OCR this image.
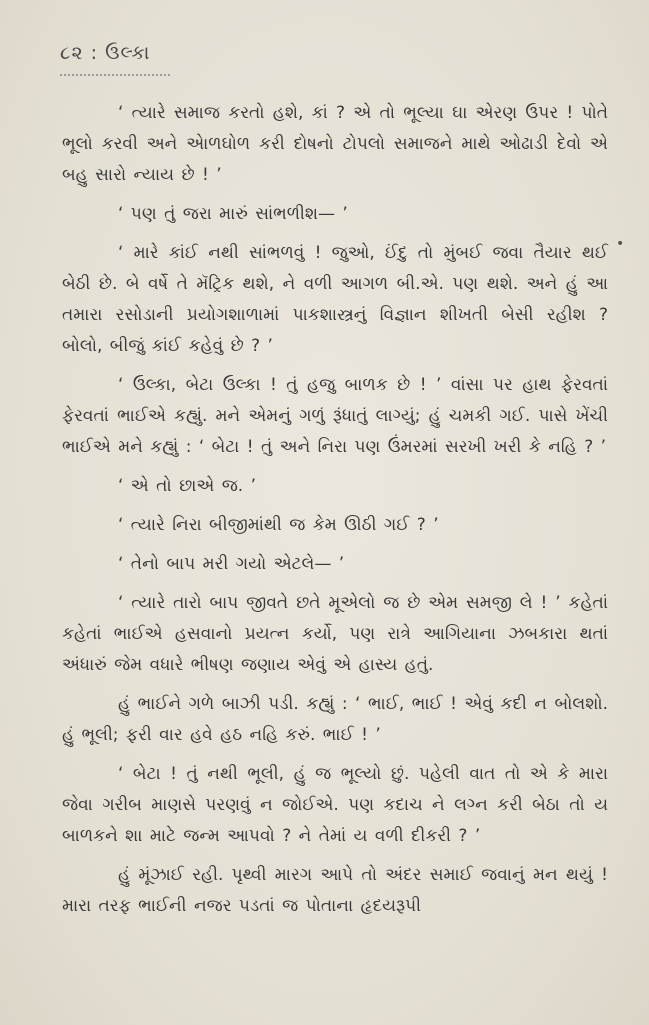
૮૨ : ઉલ્કા
•

‘ ત્યારે સમાજ કરતો હશે, કાં ? એ તો ભૂલ્યા ઘા એરણ ઉપર ! પોતે ભૂલો કરવી અને એાળઘોળ કરી દોષનો ટોપલો સમાજને માથે ઓઢાડી દેવો એ બહુ સારો ન્યાય છે ! ’

‘ પણ તું જરા મારું સાંભળીશ— ’

‘ મારે કાંઈ નથી સાંભળવું ! જુઓ, ઈંદુ તો મુંબઈ જવા તૈયાર થઈ બેઠી છે. બે વર્ષે તે મૅટ્રિક થશે, ને વળી આગળ બી.એ. પણ થશે. અને હું આ તમારા રસોડાની પ્રયોગશાળામાં પાકશાસ્ત્રનું વિજ્ઞાન શીખતી બેસી રહીશ ? બોલો, બીજું કાંઈ કહેવું છે ? ’

‘ ઉલ્કા, બેટા ઉલ્કા ! તું હજુ બાળક છે ! ’ વાંસા પર હાથ ફેરવતાં ફેરવતાં ભાઈએ કહ્યું. મને એમનું ગળું રૂંધાતું લાગ્યું; હું ચમકી ગઈ. પાસે ખેંચી ભાઈએ મને કહ્યું : ‘ બેટા ! તું અને નિરા પણ ઉંમરમાં સરખી ખરી કે નહિ ? ’

‘ એ તો છાએ જ. ’

‘ ત્યારે નિરા બીજીમાંથી જ કેમ ઊઠી ગઈ ? ’

‘ તેનો બાપ મરી ગયો એટલે— ’

‘ ત્યારે તારો બાપ જીવતે છતે મૂએલો જ છે એમ સમજી લે ! ’ કહેતાં કહેતાં ભાઈએ હસવાનો પ્રયત્ન કર્યો, પણ રાત્રે આગિયાના ઝબકારા થતાં અંધારું જેમ વધારે ભીષણ જણાય એવું એ હાસ્ય હતું.

હું ભાઈને ગળે બાઝી પડી. કહ્યું : ‘ ભાઈ, ભાઈ ! એવું કદી ન બોલશો. હું ભૂલી; ફરી વાર હવે હઠ નહિ કરું. ભાઈ ! ’

‘ બેટા ! તું નથી ભૂલી, હું જ ભૂલ્યો છું. પહેલી વાત તો એ કે મારા જેવા ગરીબ માણસે પરણવું ન જોઈએ. પણ કદાચ ને લગ્ન કરી બેઠા તો ય બાળકને શા માટે જન્મ આપવો ? ને તેમાં ય વળી દીકરી ? ’

હું મૂંઝાઈ રહી. પૃથ્વી મારગ આપે તો અંદર સમાઈ જવાનું મન થયું ! મારા તરફ ભાઈની નજર પડતાં જ પોતાના હૃદયરૂપી
